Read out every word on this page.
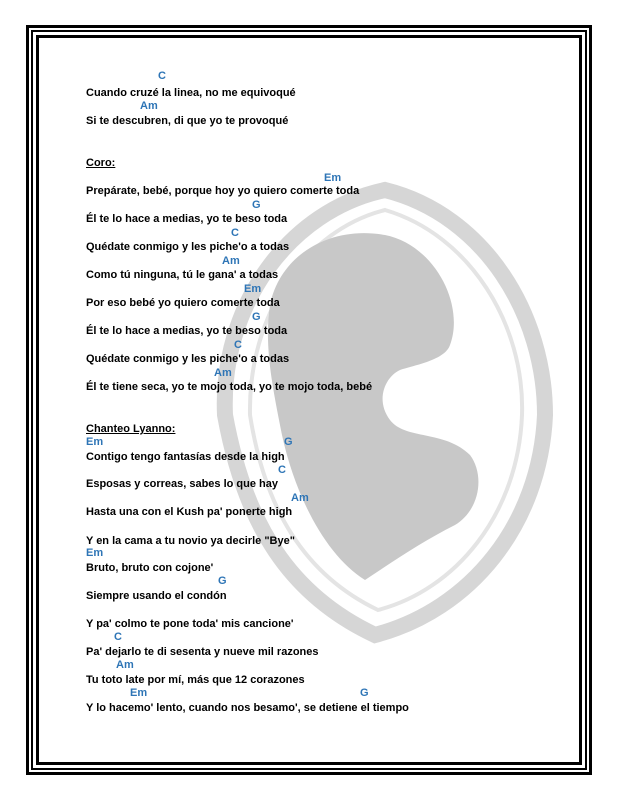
C
Cuando cruzé la linea, no me equivoqué
Am
Si te descubren, di que yo te provoqué
Coro:
Em
Prepárate, bebé, porque hoy yo quiero comerte toda
G
Él te lo hace a medias, yo te beso toda
C
Quédate conmigo y les piche'o a todas
Am
Como tú ninguna, tú le gana' a todas
Em
Por eso bebé yo quiero comerte toda
G
Él te lo hace a medias, yo te beso toda
C
Quédate conmigo y les piche'o a todas
Am
Él te tiene seca, yo te mojo toda, yo te mojo toda, bebé
Chanteo Lyanno:
Em	G
Contigo tengo fantasías desde la high
C
Esposas y correas, sabes lo que hay
Am
Hasta una con el Kush pa' ponerte high
Y en la cama a tu novio ya decirle "Bye"
Em
Bruto, bruto con cojone'
G
Siempre usando el condón
Y pa' colmo te pone toda' mis cancione'
C
Pa' dejarlo te di sesenta y nueve mil razones
Am
Tu toto late por mí, más que 12 corazones
Em	G
Y lo hacemo' lento, cuando nos besamo', se detiene el tiempo
